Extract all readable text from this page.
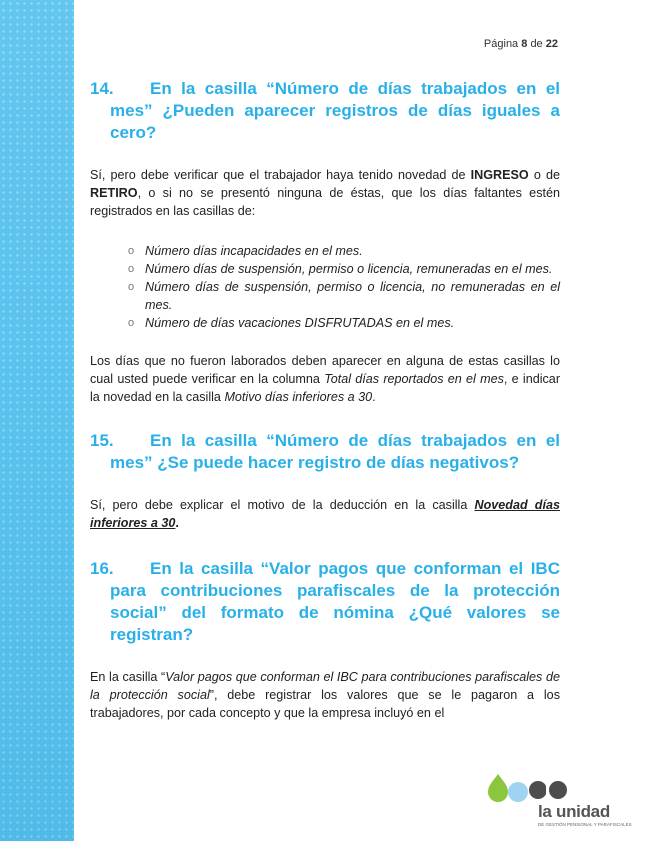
Página 8 de 22
14. En la casilla “Número de días trabajados en el mes” ¿Pueden aparecer registros de días iguales a cero?

Sí, pero debe verificar que el trabajador haya tenido novedad de INGRESO o de RETIRO, o si no se presentó ninguna de éstas, que los días faltantes estén registrados en las casillas de:

o Número días incapacidades en el mes.
o Número días de suspensión, permiso o licencia, remuneradas en el mes.
o Número días de suspensión, permiso o licencia, no remuneradas en el mes.
o Número de días vacaciones DISFRUTADAS en el mes.

Los días que no fueron laborados deben aparecer en alguna de estas casillas lo cual usted puede verificar en la columna Total días reportados en el mes, e indicar la novedad en la casilla Motivo días inferiores a 30.

15. En la casilla “Número de días trabajados en el mes” ¿Se puede hacer registro de días negativos?

Sí, pero debe explicar el motivo de la deducción en la casilla Novedad días inferiores a 30.

16. En la casilla “Valor pagos que conforman el IBC para contribuciones parafiscales de la protección social” del formato de nómina ¿Qué valores se registran?

En la casilla “Valor pagos que conforman el IBC para contribuciones parafiscales de la protección social”, debe registrar los valores que se le pagaron a los trabajadores, por cada concepto y que la empresa incluyó en el

la unidad
DE GESTIÓN PENSIONAL Y PARAFISCALES
